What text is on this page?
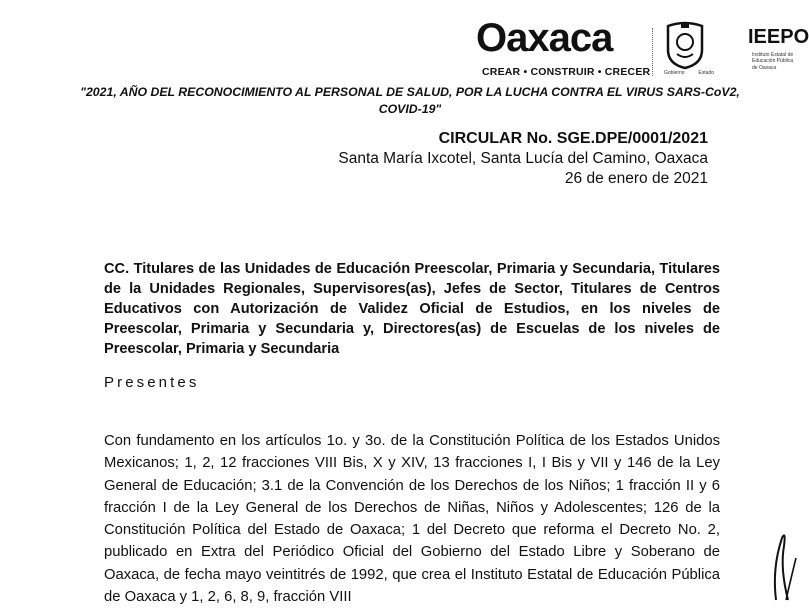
Oaxaca
CREAR • CONSTRUIR • CRECER	Gobierno	Estado
IEEPO
Instituto Estatal de Educación Pública de Oaxaca
"2021, AÑO DEL RECONOCIMIENTO AL PERSONAL DE SALUD, POR LA LUCHA CONTRA EL VIRUS SARS-CoV2, COVID-19"
CIRCULAR No. SGE.DPE/0001/2021
Santa María Ixcotel, Santa Lucía del Camino, Oaxaca
26 de enero de 2021

CC. Titulares de las Unidades de Educación Preescolar, Primaria y Secundaria, Titulares de la Unidades Regionales, Supervisores(as), Jefes de Sector, Titulares de Centros Educativos con Autorización de Validez Oficial de Estudios, en los niveles de Preescolar, Primaria y Secundaria y, Directores(as) de Escuelas de los niveles de Preescolar, Primaria y Secundaria

Presentes

Con fundamento en los artículos 1o. y 3o. de la Constitución Política de los Estados Unidos Mexicanos; 1, 2, 12 fracciones VIII Bis, X y XIV, 13 fracciones I, I Bis y VII y 146 de la Ley General de Educación; 3.1 de la Convención de los Derechos de los Niños; 1 fracción II y 6 fracción I de la Ley General de los Derechos de Niñas, Niños y Adolescentes; 126 de la Constitución Política del Estado de Oaxaca; 1 del Decreto que reforma el Decreto No. 2, publicado en Extra del Periódico Oficial del Gobierno del Estado Libre y Soberano de Oaxaca, de fecha mayo veintitrés de 1992, que crea el Instituto Estatal de Educación Pública de Oaxaca y 1, 2, 6, 8, 9, fracción VIII
